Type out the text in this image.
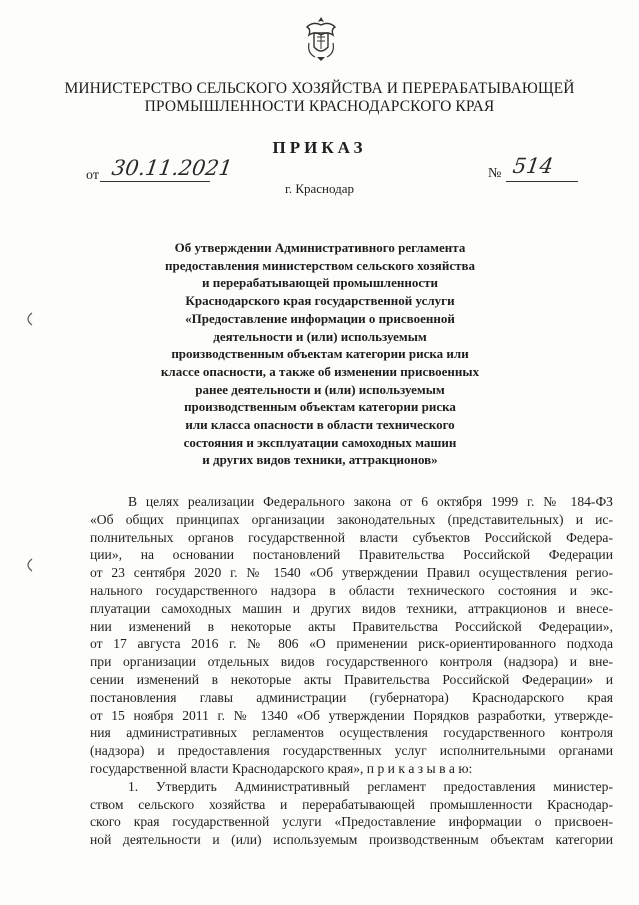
МИНИСТЕРСТВО СЕЛЬСКОГО ХОЗЯЙСТВА И ПЕРЕРАБАТЫВАЮЩЕЙ
ПРОМЫШЛЕННОСТИ КРАСНОДАРСКОГО КРАЯ
ПРИКАЗ
от 30.11.2021	№ 514
г. Краснодар
Об утверждении Административного регламента
предоставления министерством сельского хозяйства
и перерабатывающей промышленности
Краснодарского края государственной услуги
«Предоставление информации о присвоенной
деятельности и (или) используемым
производственным объектам категории риска или
классе опасности, а также об изменении присвоенных
ранее деятельности и (или) используемым
производственным объектам категории риска
или класса опасности в области технического
состояния и эксплуатации самоходных машин
и других видов техники, аттракционов»
В целях реализации Федерального закона от 6 октября 1999 г. № 184-ФЗ
«Об общих принципах организации законодательных (представительных) и ис-
полнительных органов государственной власти субъектов Российской Федера-
ции», на основании постановлений Правительства Российской Федерации
от 23 сентября 2020 г. № 1540 «Об утверждении Правил осуществления регио-
нального государственного надзора в области технического состояния и экс-
плуатации самоходных машин и других видов техники, аттракционов и внесе-
нии изменений в некоторые акты Правительства Российской Федерации»,
от 17 августа 2016 г. № 806 «О применении риск-ориентированного подхода
при организации отдельных видов государственного контроля (надзора) и вне-
сении изменений в некоторые акты Правительства Российской Федерации» и
постановления главы администрации (губернатора) Краснодарского края
от 15 ноября 2011 г. № 1340 «Об утверждении Порядков разработки, утвержде-
ния административных регламентов осуществления государственного контроля
(надзора) и предоставления государственных услуг исполнительными органами
государственной власти Краснодарского края», п р и к а з ы в а ю:
1. Утвердить Административный регламент предоставления министер-
ством сельского хозяйства и перерабатывающей промышленности Краснодар-
ского края государственной услуги «Предоставление информации о присвоен-
ной деятельности и (или) используемым производственным объектам категории
